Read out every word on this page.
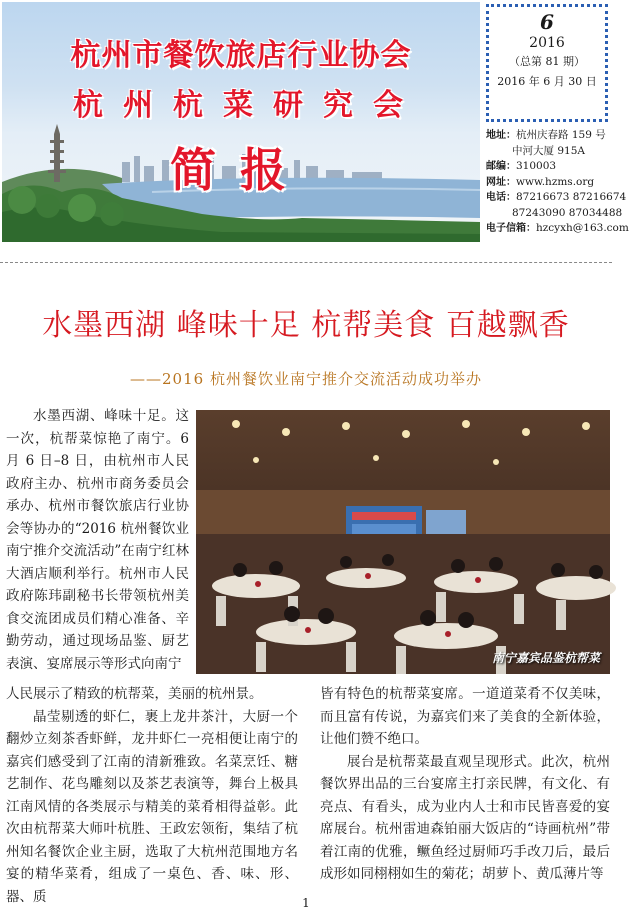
杭州市餐饮旅店行业协会
杭州杭菜研究会
简报
6
2016
（总第 81 期）
2016 年 6 月 30 日
地址：杭州庆春路 159 号
中河大厦 915A
邮编：310003
网址：www.hzms.org
电话：87216673 87216674
87243090 87034488
电子信箱：hzcyxh@163.com
水墨西湖 峰味十足 杭帮美食 百越飘香
——2016 杭州餐饮业南宁推介交流活动成功举办

水墨西湖、峰味十足。这一次，杭帮菜惊艳了南宁。6 月 6 日–8 日，由杭州市人民政府主办、杭州市商务委员会承办、杭州市餐饮旅店行业协会等协办的“2016 杭州餐饮业南宁推介交流活动”在南宁红林大酒店顺利举行。杭州市人民政府陈玮副秘书长带领杭州美食交流团成员们精心准备、辛勤劳动，通过现场品鉴、厨艺表演、宴席展示等形式向南宁	南宁嘉宾品鉴杭帮菜

人民展示了精致的杭帮菜，美丽的杭州景。

晶莹剔透的虾仁，裹上龙井茶汁，大厨一个翻炒立刻茶香虾鲜，龙井虾仁一亮相便让南宁的嘉宾们感受到了江南的清新雅致。名菜烹饪、糖艺制作、花鸟雕刻以及茶艺表演等，舞台上极具江南风情的各类展示与精美的菜肴相得益彰。此次由杭帮菜大师叶杭胜、王政宏领衔，集结了杭州知名餐饮企业主厨，选取了大杭州范围地方名宴的精华菜肴，组成了一桌色、香、味、形、器、质

皆有特色的杭帮菜宴席。一道道菜肴不仅美味，而且富有传说，为嘉宾们来了美食的全新体验，让他们赞不绝口。

展台是杭帮菜最直观呈现形式。此次，杭州餐饮界出品的三台宴席主打亲民牌，有文化、有亮点、有看头，成为业内人士和市民皆喜爱的宴席展台。杭州雷迪森铂丽大饭店的“诗画杭州”带着江南的优雅，鳜鱼经过厨师巧手改刀后，最后成形如同栩栩如生的菊花；胡萝卜、黄瓜薄片等

1
